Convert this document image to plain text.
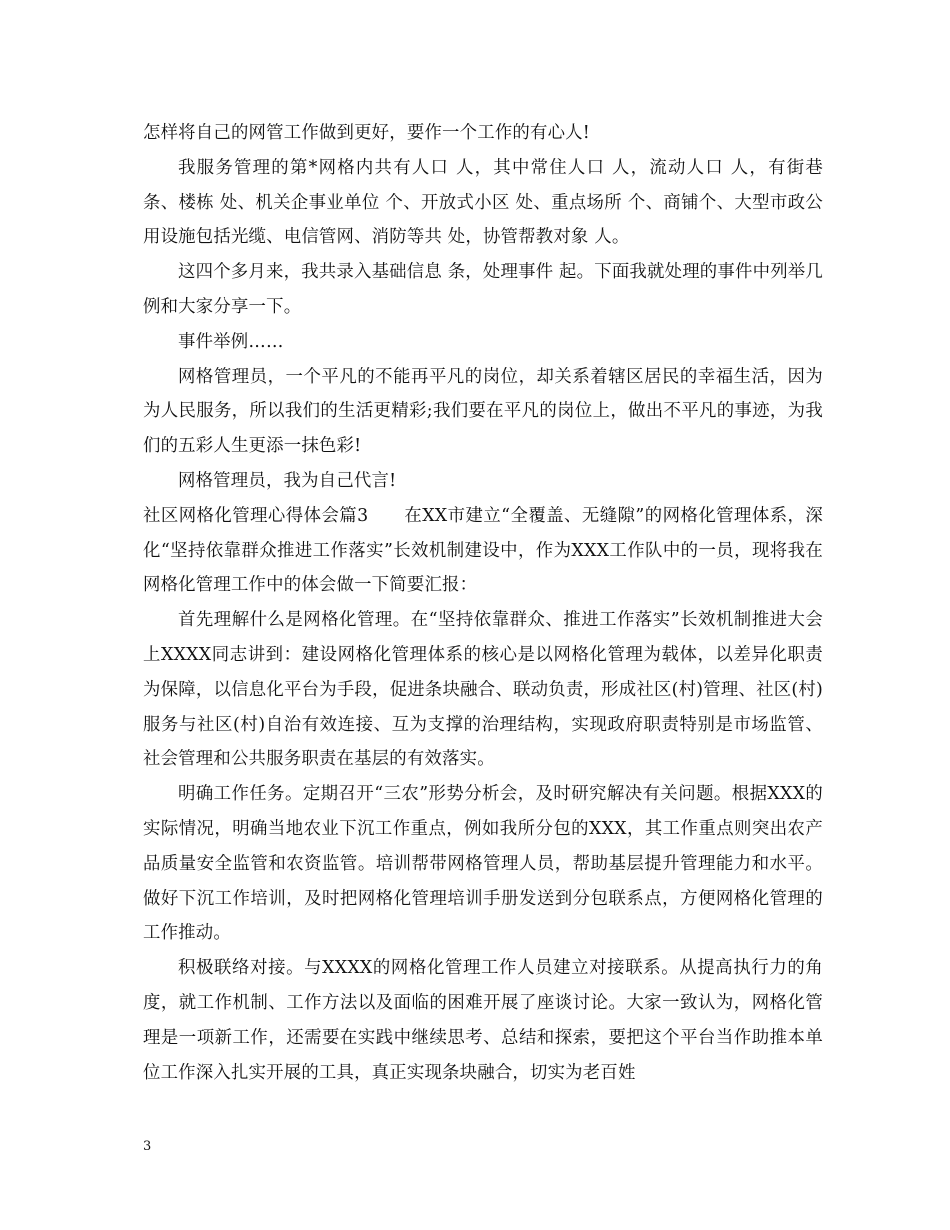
怎样将自己的网管工作做到更好，要作一个工作的有心人!

我服务管理的第*网格内共有人口 人，其中常住人口 人，流动人口 人，有街巷 条、楼栋 处、机关企事业单位 个、开放式小区 处、重点场所 个、商铺个、大型市政公用设施包括光缆、电信管网、消防等共 处，协管帮教对象 人。

这四个多月来，我共录入基础信息 条，处理事件 起。下面我就处理的事件中列举几例和大家分享一下。

事件举例……

网格管理员，一个平凡的不能再平凡的岗位，却关系着辖区居民的幸福生活，因为为人民服务，所以我们的生活更精彩;我们要在平凡的岗位上，做出不平凡的事迹，为我们的五彩人生更添一抹色彩!

网格管理员，我为自己代言!

社区网格化管理心得体会篇3　　在XX市建立“全覆盖、无缝隙”的网格化管理体系，深化“坚持依靠群众推进工作落实”长效机制建设中，作为XXX工作队中的一员，现将我在网格化管理工作中的体会做一下简要汇报：

首先理解什么是网格化管理。在“坚持依靠群众、推进工作落实”长效机制推进大会上XXXX同志讲到：建设网格化管理体系的核心是以网格化管理为载体，以差异化职责为保障，以信息化平台为手段，促进条块融合、联动负责，形成社区(村)管理、社区(村)服务与社区(村)自治有效连接、互为支撑的治理结构，实现政府职责特别是市场监管、社会管理和公共服务职责在基层的有效落实。

明确工作任务。定期召开“三农”形势分析会，及时研究解决有关问题。根据XXX的实际情况，明确当地农业下沉工作重点，例如我所分包的XXX，其工作重点则突出农产品质量安全监管和农资监管。培训帮带网格管理人员，帮助基层提升管理能力和水平。做好下沉工作培训，及时把网格化管理培训手册发送到分包联系点，方便网格化管理的工作推动。

积极联络对接。与XXXX的网格化管理工作人员建立对接联系。从提高执行力的角度，就工作机制、工作方法以及面临的困难开展了座谈讨论。大家一致认为，网格化管理是一项新工作，还需要在实践中继续思考、总结和探索，要把这个平台当作助推本单位工作深入扎实开展的工具，真正实现条块融合，切实为老百姓

3
